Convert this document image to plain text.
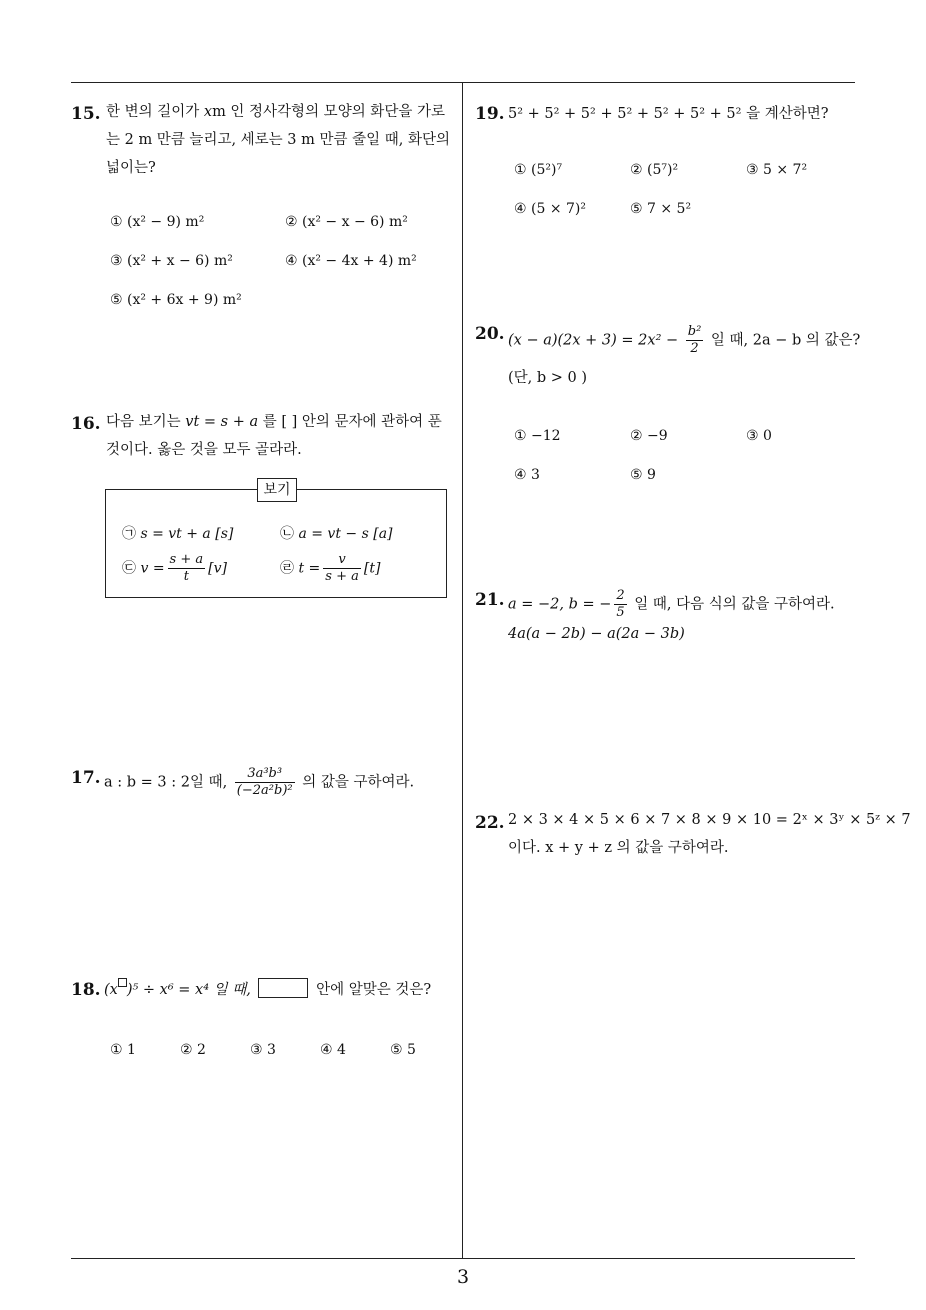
15. 한 변의 길이가 xm 인 정사각형의 모양의 화단을 가로
는 2 m 만큼 늘리고, 세로는 3 m 만큼 줄일 때, 화단의
넓이는?
① (x² − 9) m²	② (x² − x − 6) m²
③ (x² + x − 6) m²	④ (x² − 4x + 4) m²
⑤ (x² + 6x + 9) m²
16. 다음 보기는 vt = s + a 를 [ ] 안의 문자에 관하여 푼
것이다. 옳은 것을 모두 골라라.
보기
㉠ s = vt + a [s]	㉡ a = vt − s [a]
㉢ $v = \frac{s + a}{t} [v]$	㉣ $t = \frac{v}{s + a} [t]$
17. a : b = 3 : 2일 때, $\frac{\text{3a³b³}}{\text{(−2a²b)²}}$ 의 값을 구하여라.
18. (x )⁵ ÷ x⁶ = x⁴ 일 때,	안에 알맞은 것은?
① 1	② 2	③ 3	④ 4	⑤ 5
19. 5² + 5² + 5² + 5² + 5² + 5² + 5² 을 계산하면?
① (5²)⁷	② (5⁷)²	③ 5 × 7²
④ (5 × 7)²	⑤ 7 × 5²
20. $(x - a)(2x + 3) = 2x^2 - \frac{\text{b²}}{2}$ 일 때, 2a − b 의 값은?
(단, b > 0 )
① −12	② −9	③ 0
④ 3	⑤ 9
21. a = −2, b = − $\frac{2}{5}$ 일 때, 다음 식의 값을 구하여라.
4a(a − 2b) − a(2a − 3b)
22. 2 × 3 × 4 × 5 × 6 × 7 × 8 × 9 × 10 = 2ˣ × 3ʸ × 5ᶻ × 7
이다. x + y + z 의 값을 구하여라.
3
